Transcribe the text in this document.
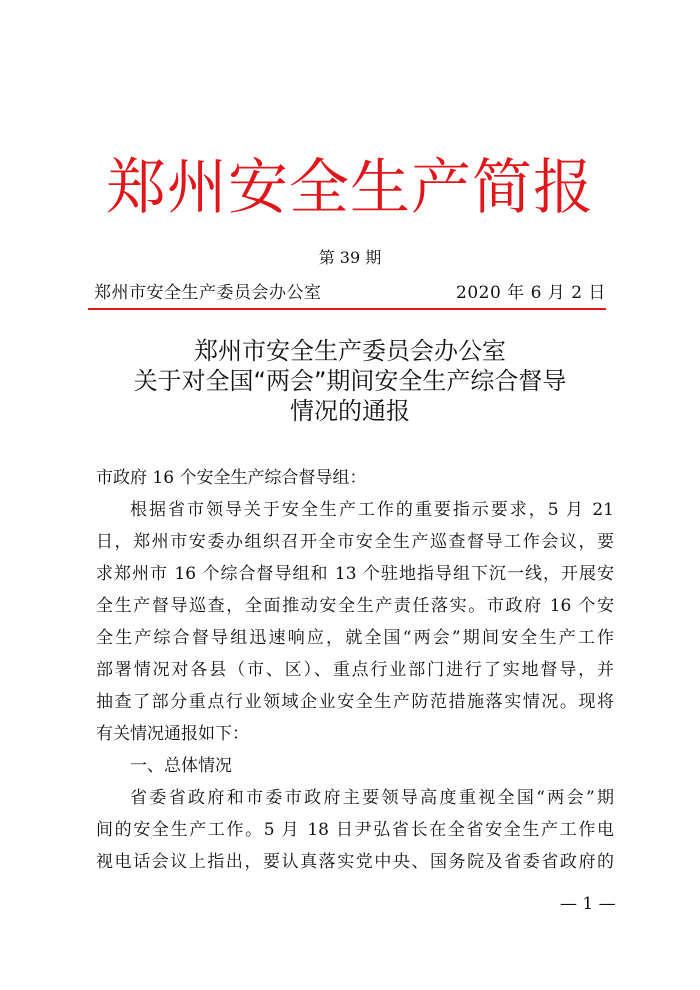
郑州安全生产简报
第 39 期
郑州市安全生产委员会办公室	2020 年 6 月 2 日
郑州市安全生产委员会办公室
关于对全国“两会”期间安全生产综合督导
情况的通报
市政府 16 个安全生产综合督导组：
根据省市领导关于安全生产工作的重要指示要求，5 月 21
日，郑州市安委办组织召开全市安全生产巡查督导工作会议，要
求郑州市 16 个综合督导组和 13 个驻地指导组下沉一线，开展安
全生产督导巡查，全面推动安全生产责任落实。市政府 16 个安
全生产综合督导组迅速响应，就全国“两会”期间安全生产工作
部署情况对各县（市、区）、重点行业部门进行了实地督导，并
抽查了部分重点行业领域企业安全生产防范措施落实情况。现将
有关情况通报如下：
一、总体情况
省委省政府和市委市政府主要领导高度重视全国“两会”期
间的安全生产工作。5 月 18 日尹弘省长在全省安全生产工作电
视电话会议上指出，要认真落实党中央、国务院及省委省政府的
— 1 —
